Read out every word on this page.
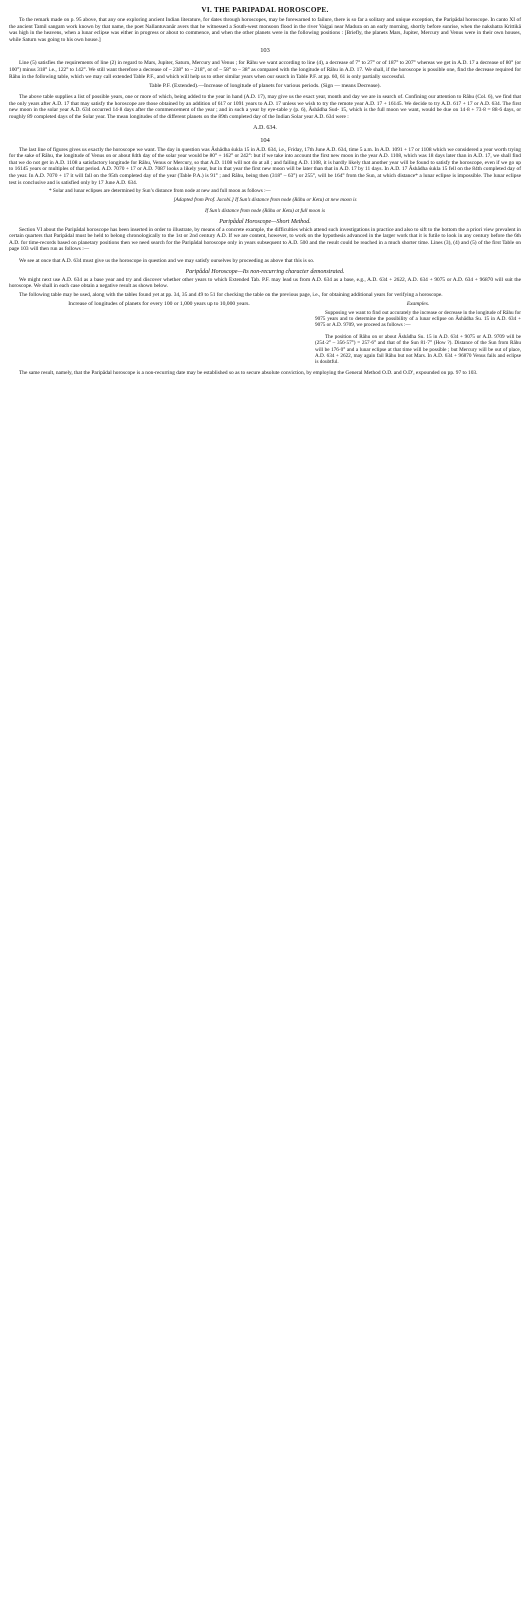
VI. THE PARIPADAL HOROSCOPE.

To the remark made on p. 95 above, that any one exploring ancient Indian literature, for dates through horoscopes, may be forewarned to failure, there is so far a solitary and unique exception, the Paripâdal horoscope. In canto XI of the ancient Tamil sangam work known by that name, the poet Nallantuvanâr avers that he witnessed a South-west monsoon flood in the river Vaigai near Madura on an early morning, shortly before sunrise, when the nakshatra Krittikâ was high in the heavens, when a lunar eclipse was either in progress or about to commence, and when the other planets were in the following positions : [Briefly, the planets Mars, Jupiter, Mercury and Venus were in their own houses, while Saturn was going to his own house.]

103

Line (5) satisfies the requirements of line (2) in regard to Mars, Jupiter, Saturn, Mercury and Venus ; for Râhu we want according to line (4), a decrease of 7° to 27° or of 187° to 207° whereas we get in A.D. 17 a decrease of 80° (or 100°) minus 318° i.e., 122° to 142°. We still want therefore a decrease of – 238° to – 218°, or of – 58° to – 38° as compared with the longitude of Râhu in A.D. 17. We shall, if the horoscope is possible one, find the decrease required for Râhu in the following table, which we may call extended Table P.F., and which will help us to other similar years when our search in Table P.F. at pp. 60, 61 is only partially successful.

Table P.F. (Extended).—Increase of longitude of planets for various periods. (Sign — means Decrease).

The above table supplies a list of possible years, one or more of which, being added to the year in hand (A.D. 17), may give us the exact year, month and day we are in search of. Confining our attention to Râhu (Col. 6), we find that the only years after A.D. 17 that may satisfy the horoscope are those obtained by an addition of 617 or 1091 years to A.D. 17 unless we wish to try the remote year A.D. 17 + 16145. We decide to try A.D. 617 + 17 or A.D. 634. The first new moon in the solar year A.D. 634 occurred 14·8 days after the commencement of the year ; and in such a year by eye-table y (p. 6), Âshâdha Sud- 15, which is the full moon we want, would be due on 14·8 + 73·8 = 88·6 days, or roughly 89 completed days of the Solar year. The mean longitudes of the different planets on the 89th completed day of the Indian Solar year A.D. 634 were :

A.D. 634.
104

The last line of figures gives us exactly the horoscope we want. The day in question was Âshâdha śukla 15 in A.D. 634, i.e., Friday, 17th June A.D. 634, time 5 a.m. In A.D. 1091 + 17 or 1108 which we considered a year worth trying for the sake of Râhu, the longitude of Venus on or about 84th day of the solar year would be 80° + 162° or 242°: but if we take into account the first new moon in the year A.D. 1108, which was 18 days later than in A.D. 17, we shall find that we do not get in A.D. 1108 a satisfactory longitude for Râhu, Venus or Mercury, so that A.D. 1108 will not do at all ; and failing A.D. 1108, it is hardly likely that another year will be found to satisfy the horoscope, even if we go up to 16145 years or multiples of that period. A.D. 7070 + 17 or A.D. 7087 looks a likely year, but in that year the first new moon will be later than that in A.D. 17 by 11 days. In A.D. 17 Âshâdha śukla 15 fell on the 84th completed day of the year. In A.D. 7070 + 17 it will fall on the 95th completed day of the year (Table P.A.) is 91° ; and Râhu, being then (318° – 63°) or 255°, will be 164° from the Sun, at which distance* a lunar eclipse is impossible. The lunar eclipse test is conclusive and is satisfied only by 17 June A.D. 634.

* Solar and lunar eclipses are determined by Sun’s distance from node at new and full moon as follows :—

[Adapted from Prof. Jacobi.] If Sun’s distance from node (Râhu or Ketu) at new moon is
If Sun’s distance from node (Râhu or Ketu) at full moon is
Paripâdal Horoscope—Short Method.

Section VI about the Paripâdal horoscope has been inserted in order to illustrate, by means of a concrete example, the difficulties which attend such investigations in practice and also to sift to the bottom the a priori view prevalent in certain quarters that Paripâdal must be held to belong chronologically to the 1st or 2nd century A.D. If we are content, however, to work on the hypothesis advanced in the larger work that it is futile to look in any century before the 6th A.D. for time-records based on planetary positions then we need search for the Paripâdal horoscope only in years subsequent to A.D. 500 and the result could be reached in a much shorter time. Lines (3), (4) and (5) of the first Table on page 103 will then run as follows :—

We see at once that A.D. 634 must give us the horoscope in question and we may satisfy ourselves by proceeding as above that this is so.

Paripâdal Horoscope—Its non-recurring character demonstrated.

We might next use A.D. 634 as a base year and try and discover whether other years to which Extended Tab. P.F. may lead us from A.D. 634 as a base, e.g., A.D. 634 + 2622, A.D. 634 + 9075 or A.D. 634 + 96870 will suit the horoscope. We shall in each case obtain a negative result as shown below.

The following table may be used, along with the tables found yet at pp. 34, 35 and 49 to 51 for checking the table on the previous page, i.e., for obtaining additional years for verifying a horoscope.

Increase of longitudes of planets for every 100 or 1,000 years up to 10,000 years.	Examples.

Supposing we want to find out accurately the increase or decrease in the longitude of Râhu for 9075 years and to determine the possibility of a lunar eclipse on Âshâdha Su. 15 in A.D. 634 + 9075 or A.D. 9709, we proceed as follows :—

The position of Râhu on or about Âshâdha Su. 15 in A.D. 634 + 9075 or A.D. 9709 will be (254·2° – 356·57°) = 257·6° and that of the Sun 81·7° (How ?). Distance of the Sun from Râhu will be 176·0° and a lunar eclipse at that time will be possible ; but Mercury will be out of place, A.D. 634 + 2622, may again fail Râhu but not Mars. In A.D. 634 + 96870 Venus fails and eclipse is doubtful.

The same result, namely, that the Paripâdal horoscope is a non-recurring date may be established so as to secure absolute conviction, by employing the General Method O.D. and O.D′, expounded on pp. 97 to 103.
